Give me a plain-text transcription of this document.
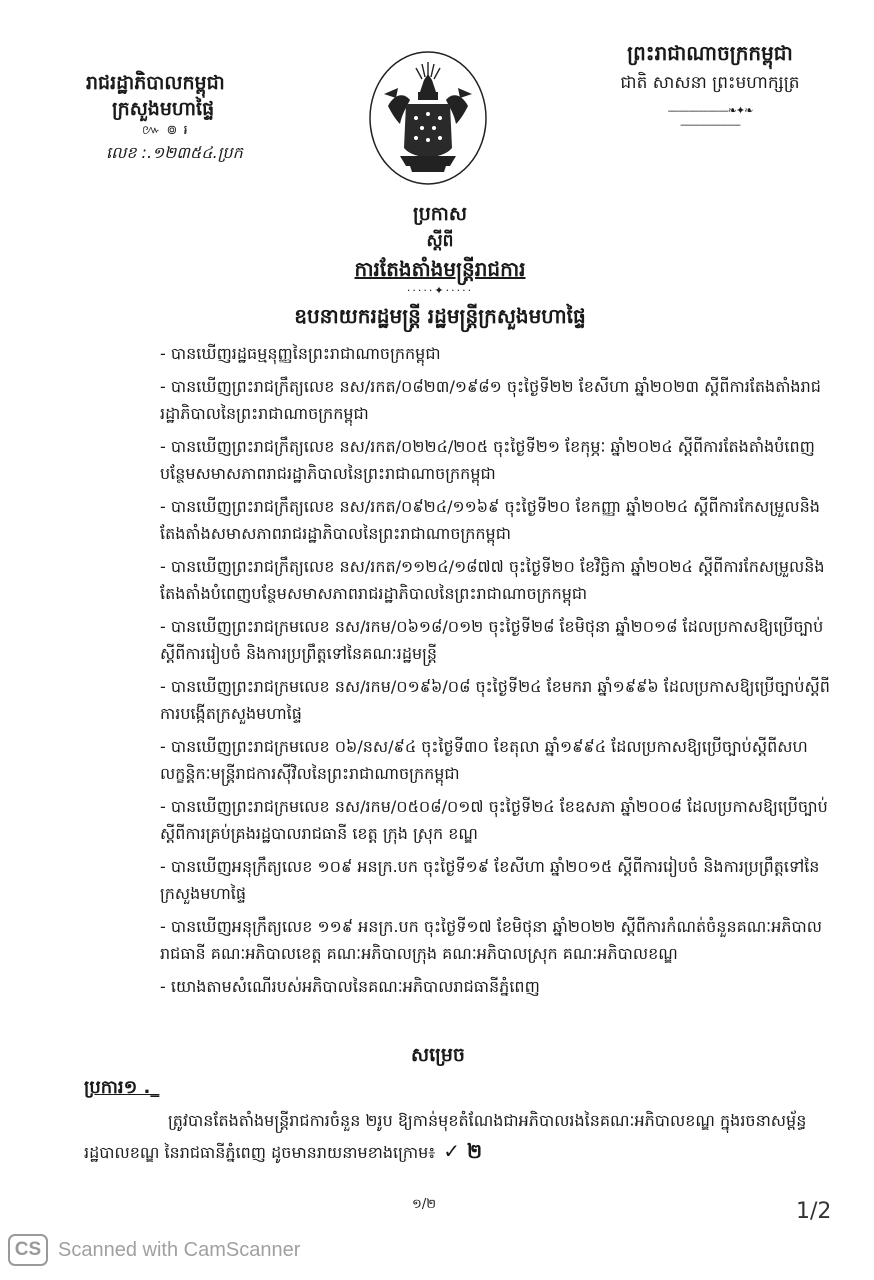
រាជរដ្ឋាភិបាលកម្ពុជា
ក្រសួងមហាផ្ទៃ
៚ ៙ ៛
លេខ :.១២៣៥៤.ប្រក
ព្រះរាជាណាចក្រកម្ពុជា
ជាតិ សាសនា ព្រះមហាក្សត្រ
——————❧✦❧——————
ប្រកាស
ស្តីពី
ការតែងតាំងមន្ត្រីរាជការ
·····✦·····
ឧបនាយករដ្ឋមន្ត្រី រដ្ឋមន្ត្រីក្រសួងមហាផ្ទៃ
- បានឃើញរដ្ឋធម្មនុញ្ញនៃព្រះរាជាណាចក្រកម្ពុជា
- បានឃើញព្រះរាជក្រឹត្យលេខ នស/រកត/០៨២៣/១៩៨១ ចុះថ្ងៃទី២២ ខែសីហា ឆ្នាំ២០២៣ ស្តីពីការតែងតាំងរាជរដ្ឋាភិបាលនៃព្រះរាជាណាចក្រកម្ពុជា
- បានឃើញព្រះរាជក្រឹត្យលេខ នស/រកត/០២២៤/២០៥ ចុះថ្ងៃទី២១ ខែកុម្ភៈ ឆ្នាំ២០២៤ ស្តីពីការតែងតាំងបំពេញបន្ថែមសមាសភាពរាជរដ្ឋាភិបាលនៃព្រះរាជាណាចក្រកម្ពុជា
- បានឃើញព្រះរាជក្រឹត្យលេខ នស/រកត/០៩២៤/១១៦៩ ចុះថ្ងៃទី២០ ខែកញ្ញា ឆ្នាំ២០២៤ ស្តីពីការកែសម្រួលនិងតែងតាំងសមាសភាពរាជរដ្ឋាភិបាលនៃព្រះរាជាណាចក្រកម្ពុជា
- បានឃើញព្រះរាជក្រឹត្យលេខ នស/រកត/១១២៤/១៨៧៧ ចុះថ្ងៃទី២០ ខែវិច្ឆិកា ឆ្នាំ២០២៤ ស្តីពីការកែសម្រួលនិងតែងតាំងបំពេញបន្ថែមសមាសភាពរាជរដ្ឋាភិបាលនៃព្រះរាជាណាចក្រកម្ពុជា
- បានឃើញព្រះរាជក្រមលេខ នស/រកម/០៦១៨/០១២ ចុះថ្ងៃទី២៨ ខែមិថុនា ឆ្នាំ២០១៨ ដែលប្រកាសឱ្យប្រើច្បាប់ស្តីពីការរៀបចំ និងការប្រព្រឹត្តទៅនៃគណៈរដ្ឋមន្ត្រី
- បានឃើញព្រះរាជក្រមលេខ នស/រកម/០១៩៦/០៨ ចុះថ្ងៃទី២៤ ខែមករា ឆ្នាំ១៩៩៦ ដែលប្រកាសឱ្យប្រើច្បាប់ស្តីពីការបង្កើតក្រសួងមហាផ្ទៃ
- បានឃើញព្រះរាជក្រមលេខ ០៦/នស/៩៤ ចុះថ្ងៃទី៣០ ខែតុលា ឆ្នាំ១៩៩៤ ដែលប្រកាសឱ្យប្រើច្បាប់ស្តីពីសហលក្ខន្តិកៈមន្ត្រីរាជការស៊ីវិលនៃព្រះរាជាណាចក្រកម្ពុជា
- បានឃើញព្រះរាជក្រមលេខ នស/រកម/០៥០៨/០១៧ ចុះថ្ងៃទី២៤ ខែឧសភា ឆ្នាំ២០០៨ ដែលប្រកាសឱ្យប្រើច្បាប់ស្តីពីការគ្រប់គ្រងរដ្ឋបាលរាជធានី ខេត្ត ក្រុង ស្រុក ខណ្ឌ
- បានឃើញអនុក្រឹត្យលេខ ១០៩ អនក្រ.បក ចុះថ្ងៃទី១៩ ខែសីហា ឆ្នាំ២០១៥ ស្តីពីការរៀបចំ និងការប្រព្រឹត្តទៅនៃក្រសួងមហាផ្ទៃ
- បានឃើញអនុក្រឹត្យលេខ ១១៩ អនក្រ.បក ចុះថ្ងៃទី១៧ ខែមិថុនា ឆ្នាំ២០២២ ស្តីពីការកំណត់ចំនួនគណៈអភិបាលរាជធានី គណៈអភិបាលខេត្ត គណៈអភិបាលក្រុង គណៈអភិបាលស្រុក គណៈអភិបាលខណ្ឌ
- យោងតាមសំណើរបស់អភិបាលនៃគណៈអភិបាលរាជធានីភ្នំពេញ
សម្រេច
ប្រការ១ ._
ត្រូវបានតែងតាំងមន្ត្រីរាជការចំនួន ២រូប ឱ្យកាន់មុខតំណែងជាអភិបាលរងនៃគណៈអភិបាលខណ្ឌ ក្នុងរចនាសម្ព័ន្ធរដ្ឋបាលខណ្ឌ នៃរាជធានីភ្នំពេញ ដូចមានរាយនាមខាងក្រោម៖ ✓ ២
១/២	1/2
CS Scanned with CamScanner
